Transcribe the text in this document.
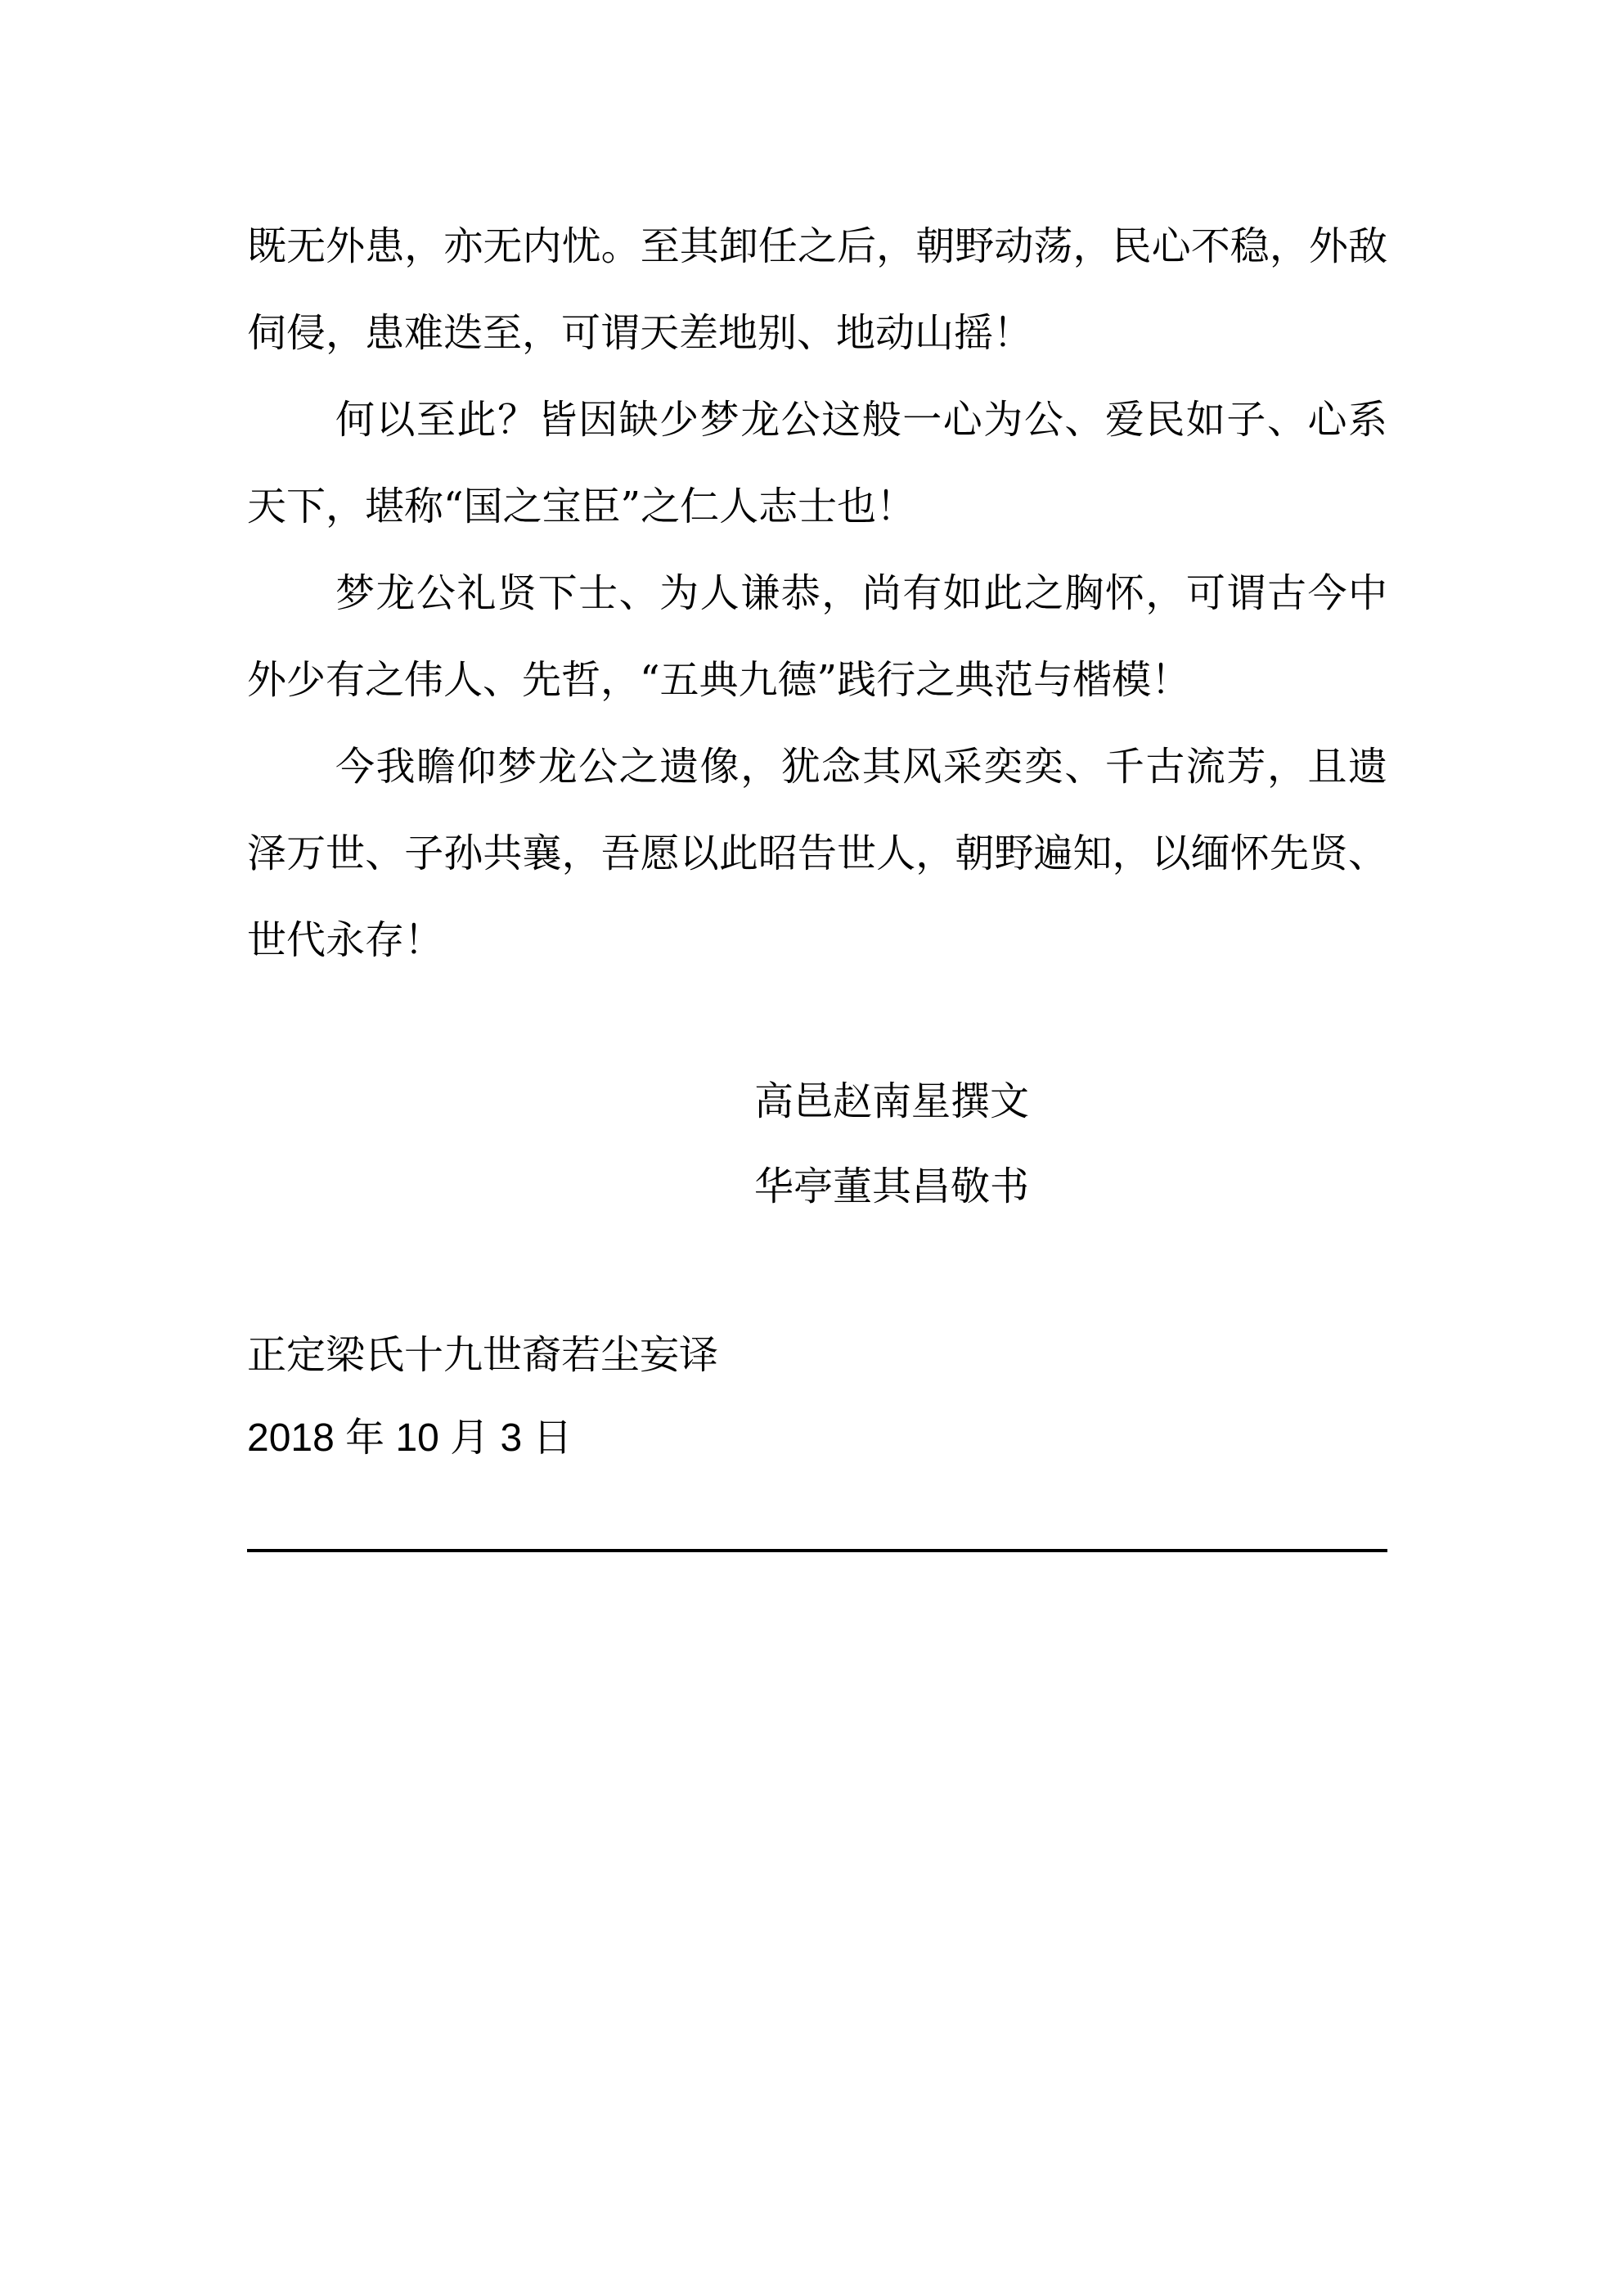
既无外患，亦无内忧。至其卸任之后，朝野动荡，民心不稳，外敌伺侵，患难迭至，可谓天差地别、地动山摇！

何以至此？皆因缺少梦龙公这般一心为公、爱民如子、心系天下，堪称“国之宝臣”之仁人志士也！

梦龙公礼贤下士、为人谦恭，尚有如此之胸怀，可谓古今中外少有之伟人、先哲，“五典九德”践行之典范与楷模！

今我瞻仰梦龙公之遗像，犹念其风采奕奕、千古流芳，且遗泽万世、子孙共襄，吾愿以此昭告世人，朝野遍知，以缅怀先贤、世代永存！

高邑赵南星撰文
华亭董其昌敬书
正定梁氏十九世裔若尘妄译
2018 年 10 月 3 日
